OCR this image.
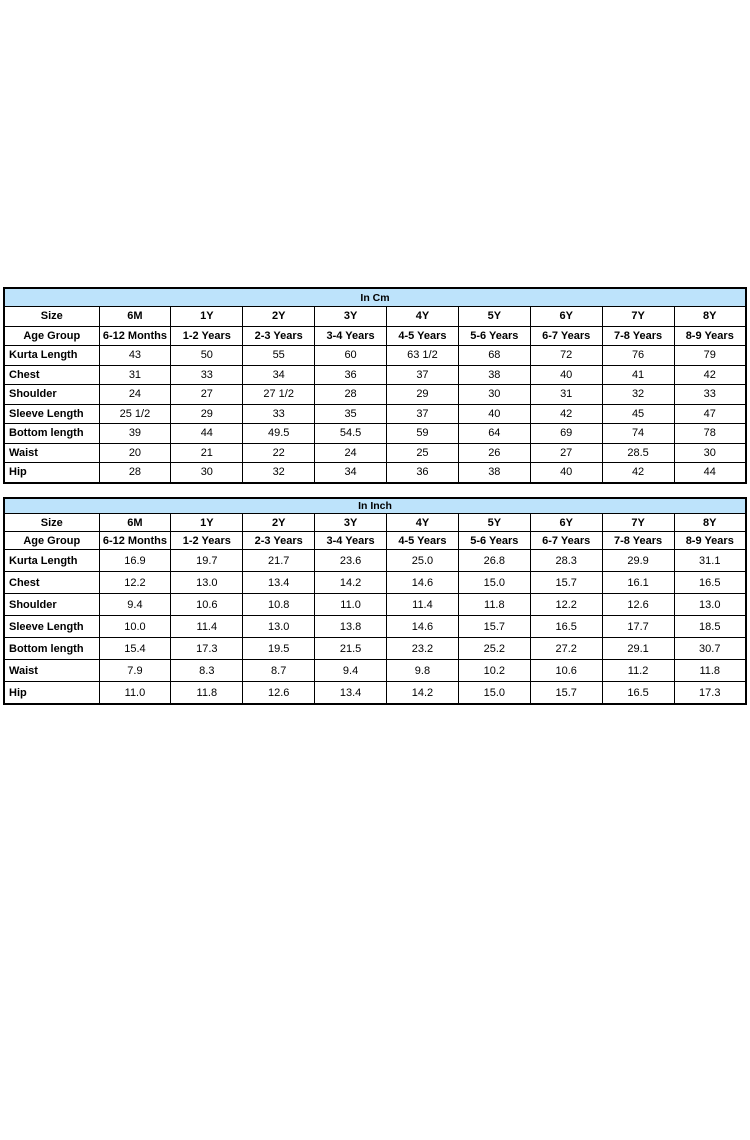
In Cm									
Size	6M	1Y	2Y	3Y	4Y	5Y	6Y	7Y	8Y
Age Group	6-12 Months	1-2 Years	2-3 Years	3-4 Years	4-5 Years	5-6 Years	6-7 Years	7-8 Years	8-9 Years
Kurta Length	43	50	55	60	63 1/2	68	72	76	79
Chest	31	33	34	36	37	38	40	41	42
Shoulder	24	27	27 1/2	28	29	30	31	32	33
Sleeve Length	25 1/2	29	33	35	37	40	42	45	47
Bottom length	39	44	49.5	54.5	59	64	69	74	78
Waist	20	21	22	24	25	26	27	28.5	30
Hip	28	30	32	34	36	38	40	42	44
In Inch									
Size	6M	1Y	2Y	3Y	4Y	5Y	6Y	7Y	8Y
Age Group	6-12 Months	1-2 Years	2-3 Years	3-4 Years	4-5 Years	5-6 Years	6-7 Years	7-8 Years	8-9 Years
Kurta Length	16.9	19.7	21.7	23.6	25.0	26.8	28.3	29.9	31.1
Chest	12.2	13.0	13.4	14.2	14.6	15.0	15.7	16.1	16.5
Shoulder	9.4	10.6	10.8	11.0	11.4	11.8	12.2	12.6	13.0
Sleeve Length	10.0	11.4	13.0	13.8	14.6	15.7	16.5	17.7	18.5
Bottom length	15.4	17.3	19.5	21.5	23.2	25.2	27.2	29.1	30.7
Waist	7.9	8.3	8.7	9.4	9.8	10.2	10.6	11.2	11.8
Hip	11.0	11.8	12.6	13.4	14.2	15.0	15.7	16.5	17.3
